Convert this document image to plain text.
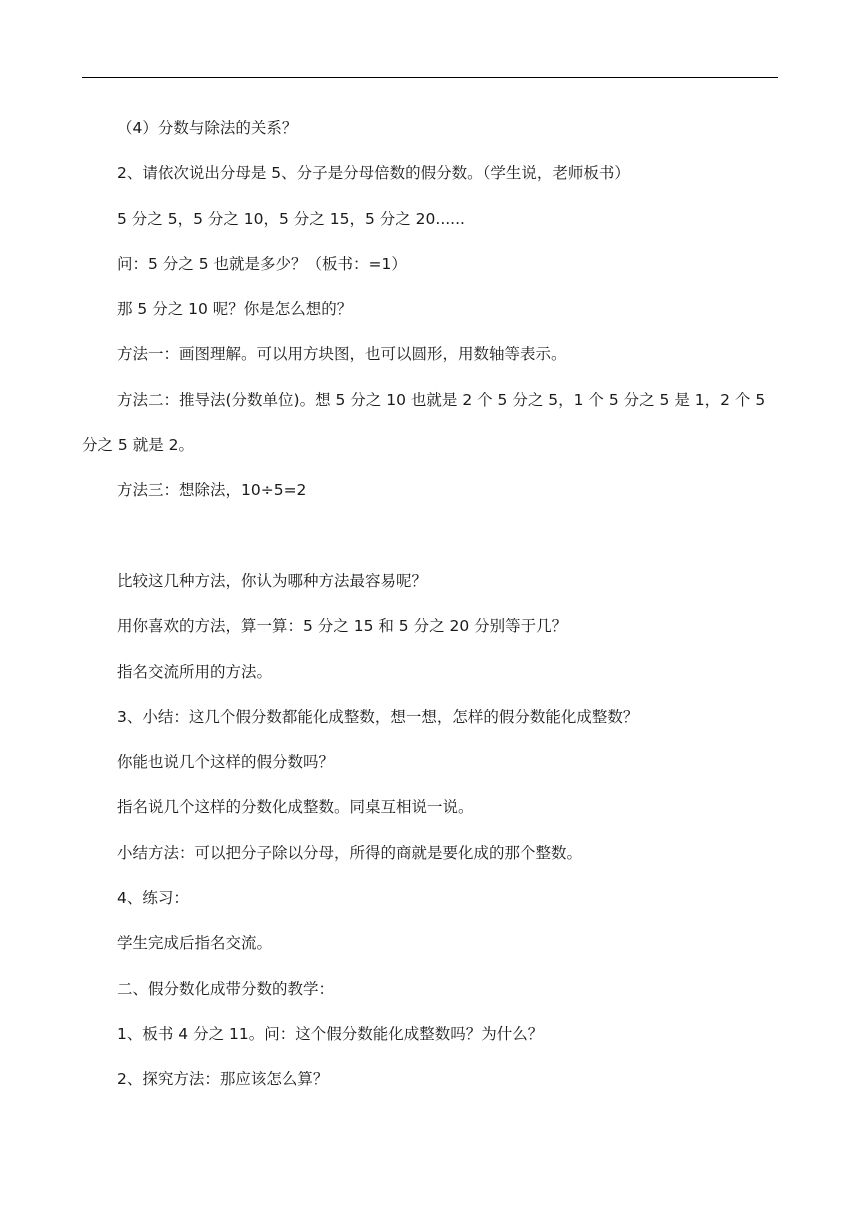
（4）分数与除法的关系？

2、请依次说出分母是 5、分子是分母倍数的假分数。（学生说，老师板书）

5 分之 5，5 分之 10，5 分之 15，5 分之 20......

问：5 分之 5 也就是多少？（板书：=1）

那 5 分之 10 呢？你是怎么想的？

方法一：画图理解。可以用方块图，也可以圆形，用数轴等表示。

方法二：推导法(分数单位)。想 5 分之 10 也就是 2 个 5 分之 5，1 个 5 分之 5 是 1，2 个 5 分之 5 就是 2。

方法三：想除法，10÷5=2

比较这几种方法，你认为哪种方法最容易呢？

用你喜欢的方法，算一算：5 分之 15 和 5 分之 20 分别等于几？

指名交流所用的方法。

3、小结：这几个假分数都能化成整数，想一想，怎样的假分数能化成整数？

你能也说几个这样的假分数吗？

指名说几个这样的分数化成整数。同桌互相说一说。

小结方法：可以把分子除以分母，所得的商就是要化成的那个整数。

4、练习：

学生完成后指名交流。

二、假分数化成带分数的教学：

1、板书 4 分之 11。问：这个假分数能化成整数吗？为什么？

2、探究方法：那应该怎么算？
